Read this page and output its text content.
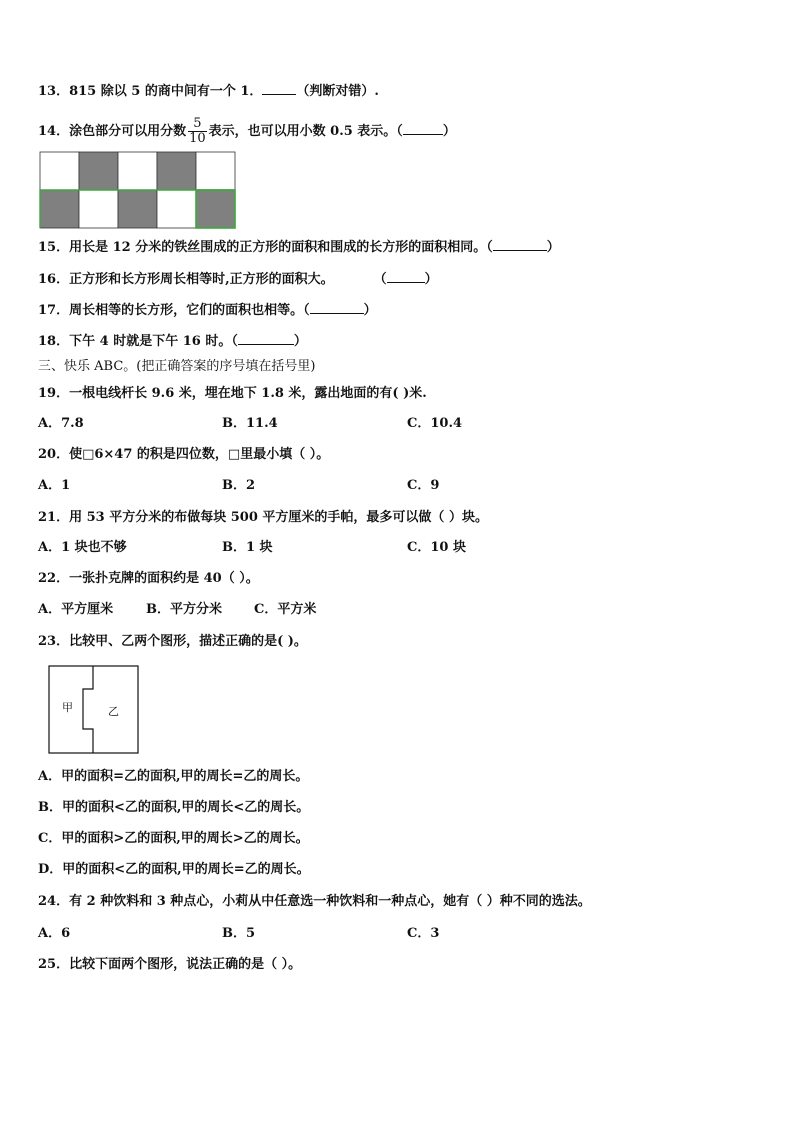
13．815 除以 5 的商中间有一个 1．	（判断对错）.
14．涂色部分可以用分数 $\frac{5}{10}$ 表示，也可以用小数 0.5 表示。（	）
15．用长是 12 分米的铁丝围成的正方形的面积和围成的长方形的面积相同。（	）
16．正方形和长方形周长相等时,正方形的面积大。	（	）
17．周长相等的长方形，它们的面积也相等。（	）
18．下午 4 时就是下午 16 时。（	）
三、快乐 ABC。(把正确答案的序号填在括号里)
19．一根电线杆长 9.6 米，埋在地下 1.8 米，露出地面的有( )米.
A．7.8	B．11.4	C．10.4
20．使□6×47 的积是四位数，□里最小填（ ）。
A．1	B．2	C．9
21．用 53 平方分米的布做每块 500 平方厘米的手帕，最多可以做（ ）块。
A．1 块也不够	B．1 块	C．10 块
22．一张扑克牌的面积约是 40（ ）。
A．平方厘米	B．平方分米 C．平方米
23．比较甲、乙两个图形，描述正确的是( )。
甲	乙
A．甲的面积=乙的面积,甲的周长=乙的周长。
B．甲的面积<乙的面积,甲的周长<乙的周长。
C．甲的面积>乙的面积,甲的周长>乙的周长。
D．甲的面积<乙的面积,甲的周长=乙的周长。
24．有 2 种饮料和 3 种点心，小莉从中任意选一种饮料和一种点心，她有（ ）种不同的选法。
A．6	B．5	C．3
25．比较下面两个图形，说法正确的是（ ）。
